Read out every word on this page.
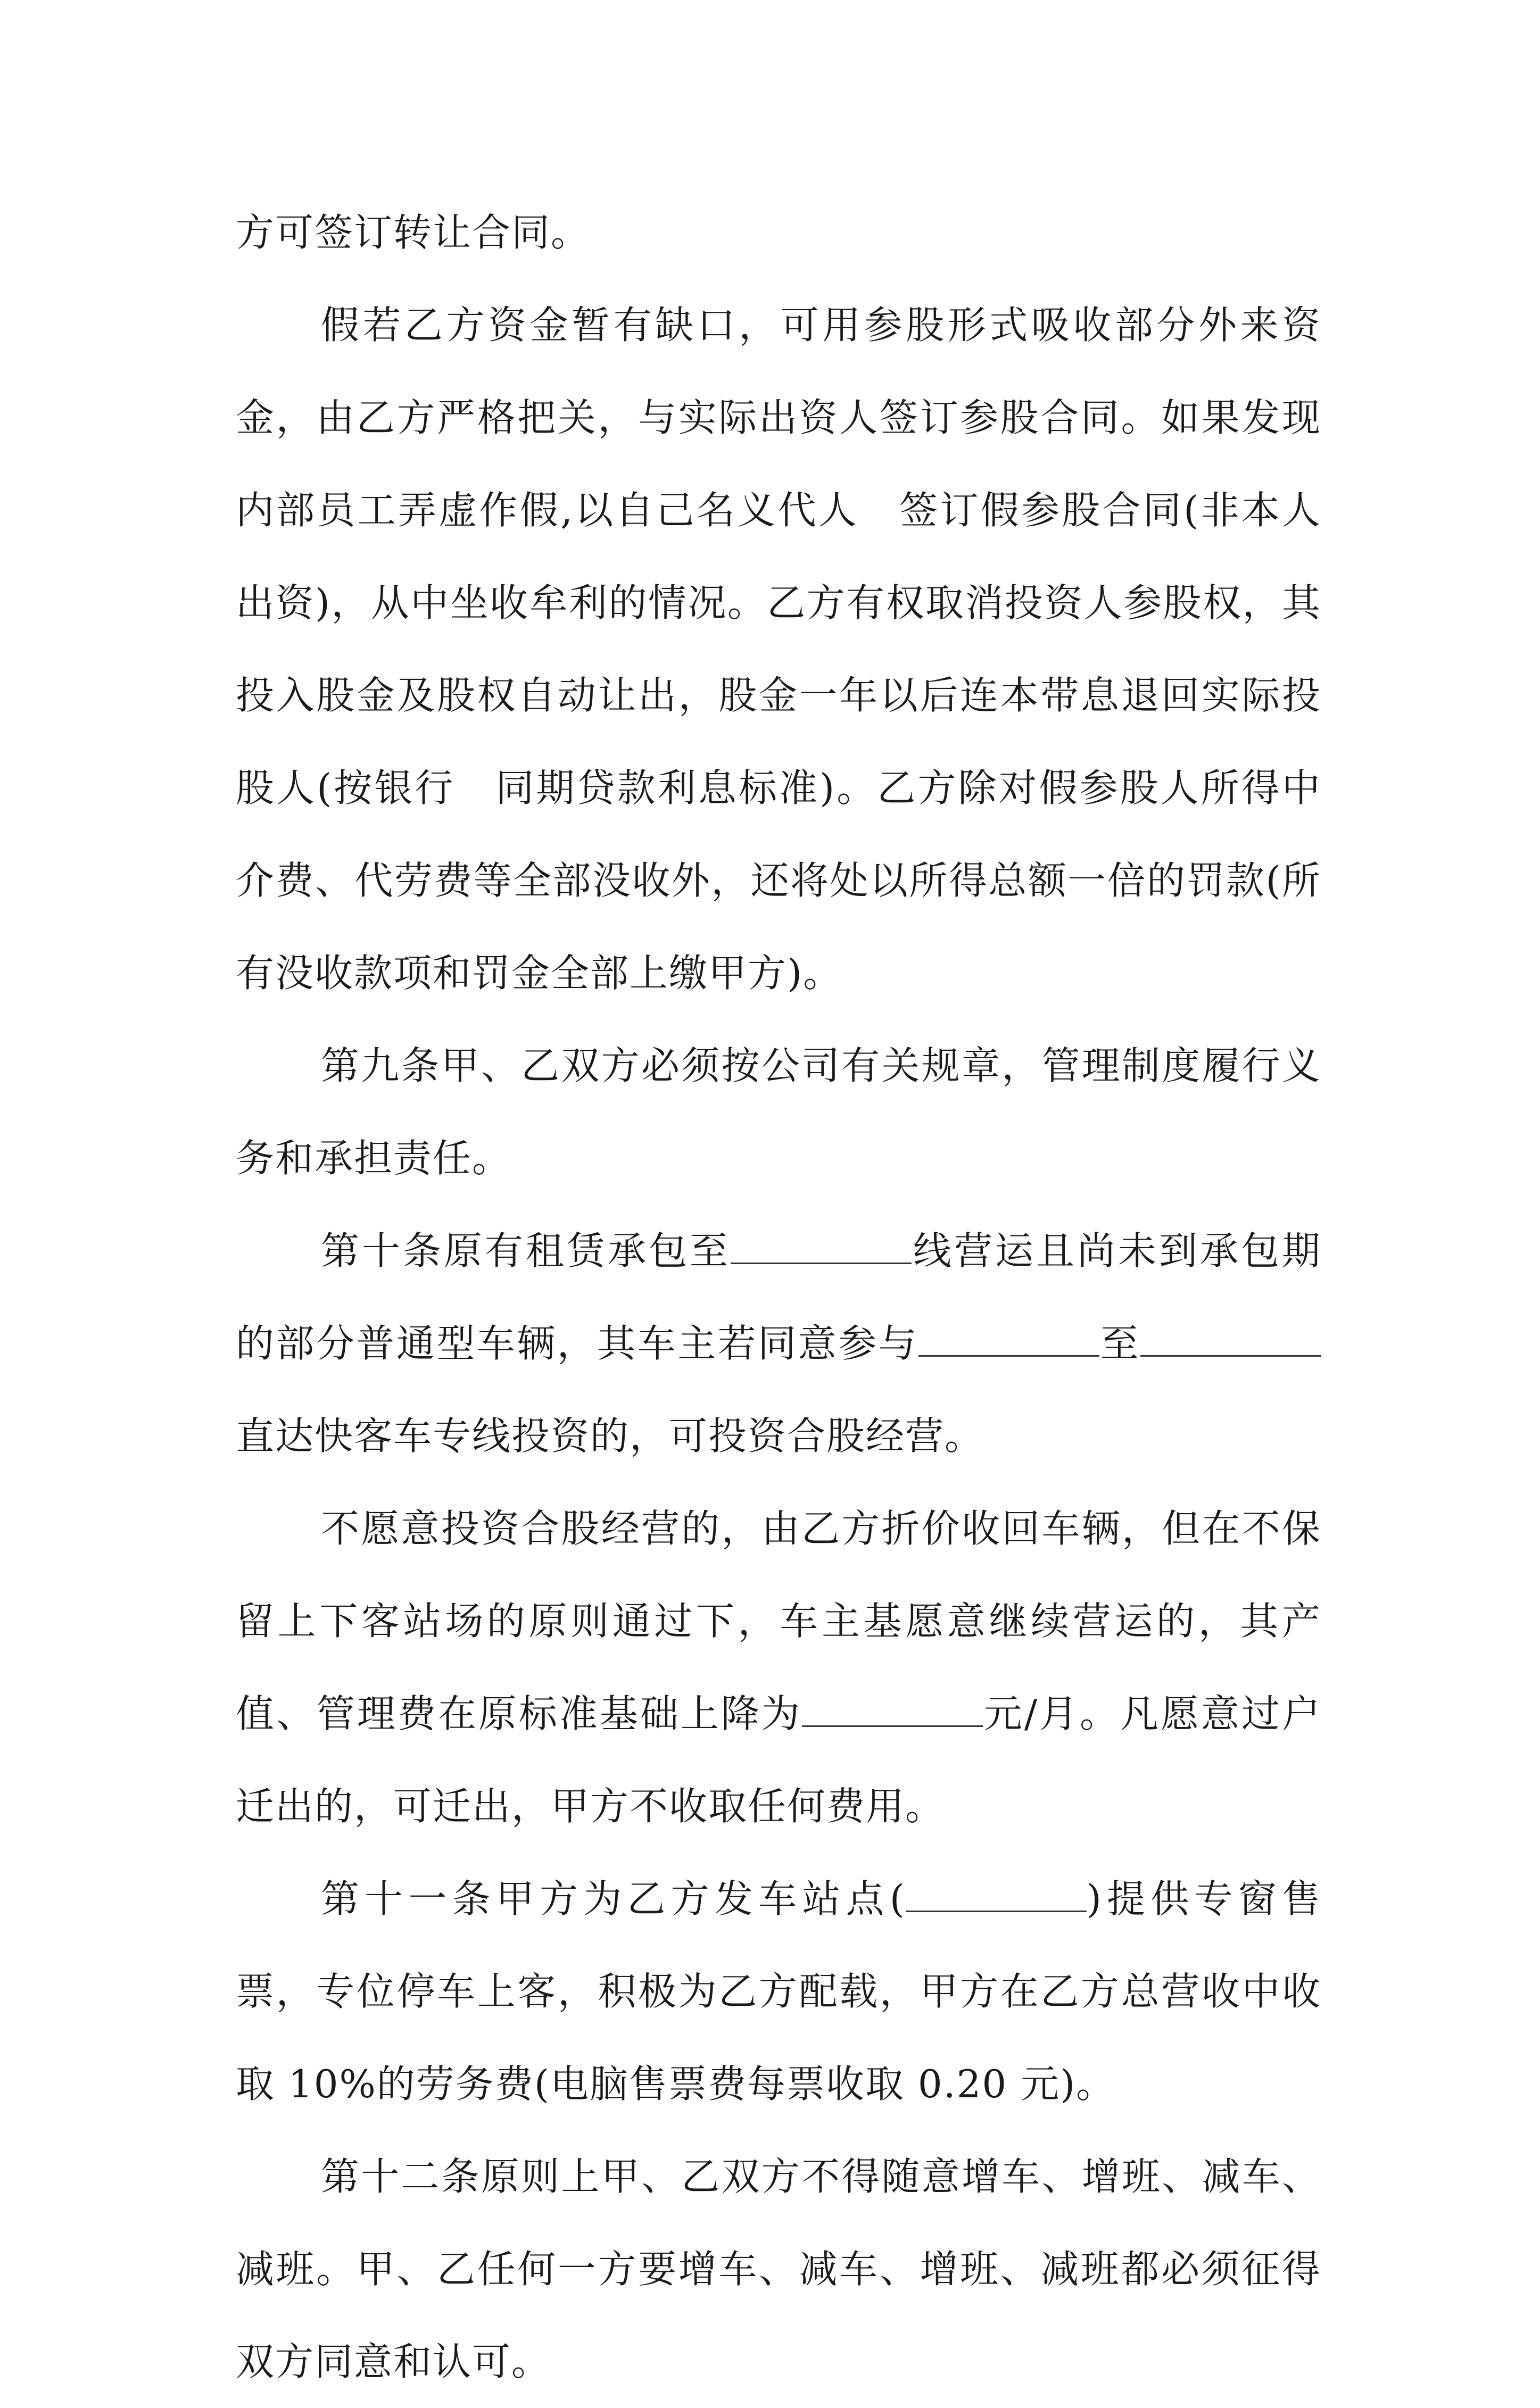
方可签订转让合同。

假若乙方资金暂有缺口，可用参股形式吸收部分外来资金，由乙方严格把关，与实际出资人签订参股合同。如果发现内部员工弄虚作假,以自己名义代人　签订假参股合同(非本人出资)，从中坐收牟利的情况。乙方有权取消投资人参股权，其投入股金及股权自动让出，股金一年以后连本带息退回实际投股人(按银行　同期贷款利息标准)。乙方除对假参股人所得中介费、代劳费等全部没收外，还将处以所得总额一倍的罚款(所有没收款项和罚金全部上缴甲方)。

第九条甲、乙双方必须按公司有关规章，管理制度履行义务和承担责任。

第十条原有租赁承包至	线营运且尚未到承包期的部分普通型车辆，其车主若同意参与	至直达快客车专线投资的，可投资合股经营。

不愿意投资合股经营的，由乙方折价收回车辆，但在不保留上下客站场的原则通过下，车主基愿意继续营运的，其产值、管理费在原标准基础上降为	元/月。凡愿意过户迁出的，可迁出，甲方不收取任何费用。

第十一条甲方为乙方发车站点(	)提供专窗售票，专位停车上客，积极为乙方配载，甲方在乙方总营收中收取 10%的劳务费(电脑售票费每票收取 0.20 元)。

第十二条原则上甲、乙双方不得随意增车、增班、减车、减班。甲、乙任何一方要增车、减车、增班、减班都必须征得双方同意和认可。
